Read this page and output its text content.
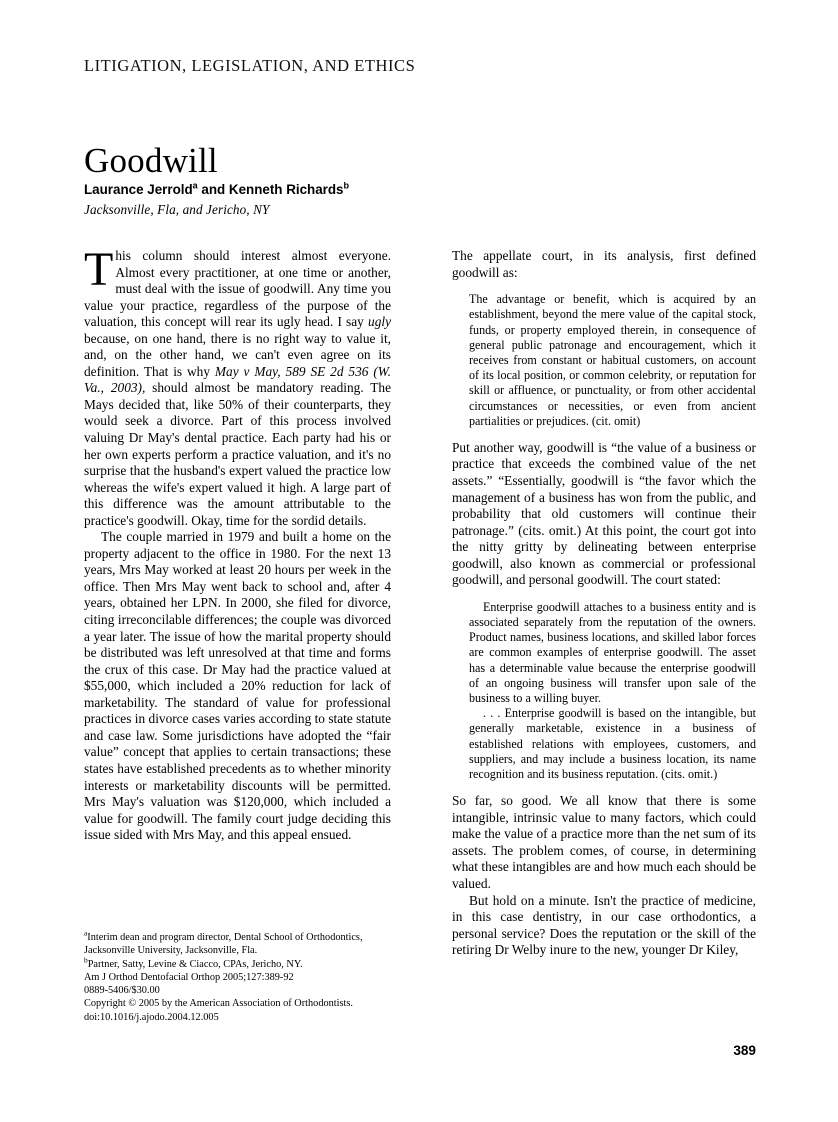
LITIGATION, LEGISLATION, AND ETHICS
Goodwill
Laurance Jerrold$^a$ and Kenneth Richards$^b$
Jacksonville, Fla, and Jericho, NY

This column should interest almost everyone. Almost every practitioner, at one time or another, must deal with the issue of goodwill. Any time you value your practice, regardless of the purpose of the valuation, this concept will rear its ugly head. I say ugly because, on one hand, there is no right way to value it, and, on the other hand, we can't even agree on its definition. That is why May v May, 589 SE 2d 536 (W. Va., 2003), should almost be mandatory reading. The Mays decided that, like 50% of their counterparts, they would seek a divorce. Part of this process involved valuing Dr May's dental practice. Each party had his or her own experts perform a practice valuation, and it's no surprise that the husband's expert valued the practice low whereas the wife's expert valued it high. A large part of this difference was the amount attributable to the practice's goodwill. Okay, time for the sordid details.

The couple married in 1979 and built a home on the property adjacent to the office in 1980. For the next 13 years, Mrs May worked at least 20 hours per week in the office. Then Mrs May went back to school and, after 4 years, obtained her LPN. In 2000, she filed for divorce, citing irreconcilable differences; the couple was divorced a year later. The issue of how the marital property should be distributed was left unresolved at that time and forms the crux of this case. Dr May had the practice valued at $55,000, which included a 20% reduction for lack of marketability. The standard of value for professional practices in divorce cases varies according to state statute and case law. Some jurisdictions have adopted the “fair value” concept that applies to certain transactions; these states have established precedents as to whether minority interests or marketability discounts will be permitted. Mrs May's valuation was $120,000, which included a value for goodwill. The family court judge deciding this issue sided with Mrs May, and this appeal ensued.

The appellate court, in its analysis, first defined goodwill as:

The advantage or benefit, which is acquired by an establishment, beyond the mere value of the capital stock, funds, or property employed therein, in consequence of general public patronage and encouragement, which it receives from constant or habitual customers, on account of its local position, or common celebrity, or reputation for skill or affluence, or punctuality, or from other accidental circumstances or necessities, or even from ancient partialities or prejudices. (cit. omit)

Put another way, goodwill is “the value of a business or practice that exceeds the combined value of the net assets.” “Essentially, goodwill is “the favor which the management of a business has won from the public, and probability that old customers will continue their patronage.” (cits. omit.) At this point, the court got into the nitty gritty by delineating between enterprise goodwill, also known as commercial or professional goodwill, and personal goodwill. The court stated:

Enterprise goodwill attaches to a business entity and is associated separately from the reputation of the owners. Product names, business locations, and skilled labor forces are common examples of enterprise goodwill. The asset has a determinable value because the enterprise goodwill of an ongoing business will transfer upon sale of the business to a willing buyer.

. . . Enterprise goodwill is based on the intangible, but generally marketable, existence in a business of established relations with employees, customers, and suppliers, and may include a business location, its name recognition and its business reputation. (cits. omit.)

So far, so good. We all know that there is some intangible, intrinsic value to many factors, which could make the value of a practice more than the net sum of its assets. The problem comes, of course, in determining what these intangibles are and how much each should be valued.

But hold on a minute. Isn't the practice of medicine, in this case dentistry, in our case orthodontics, a personal service? Does the reputation or the skill of the retiring Dr Welby inure to the new, younger Dr Kiley,

$^a$Interim dean and program director, Dental School of Orthodontics, Jacksonville University, Jacksonville, Fla.

$^b$Partner, Satty, Levine & Ciacco, CPAs, Jericho, NY.

Am J Orthod Dentofacial Orthop 2005;127:389-92

0889-5406/$30.00

Copyright © 2005 by the American Association of Orthodontists.

doi:10.1016/j.ajodo.2004.12.005

389
